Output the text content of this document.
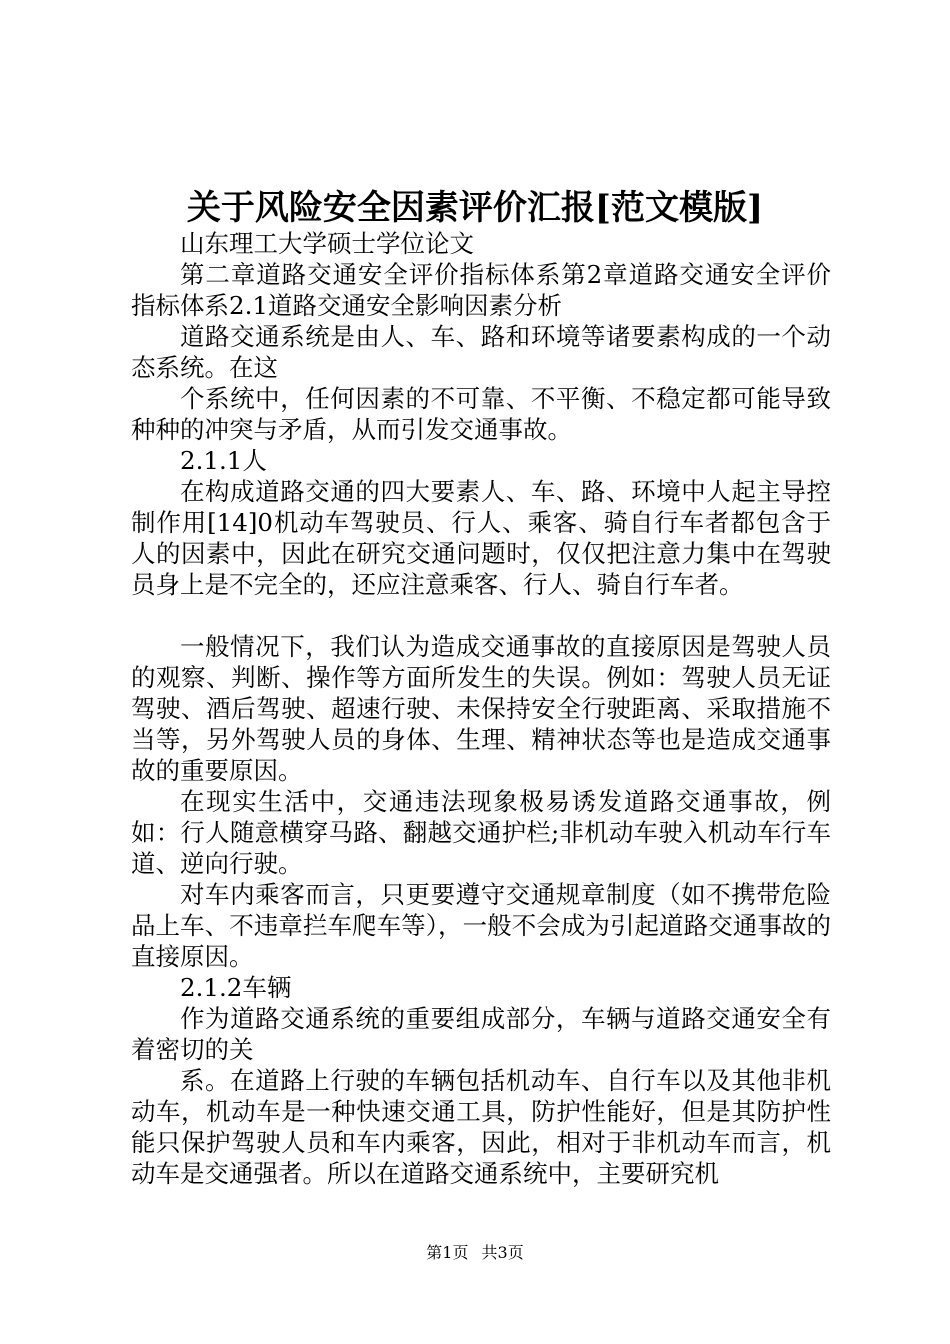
关于风险安全因素评价汇报[范文模版]

山东理工大学硕士学位论文

第二章道路交通安全评价指标体系第2章道路交通安全评价指标体系2.1道路交通安全影响因素分析

道路交通系统是由人、车、路和环境等诸要素构成的一个动态系统。在这

个系统中，任何因素的不可靠、不平衡、不稳定都可能导致种种的冲突与矛盾，从而引发交通事故。

2.1.1人

在构成道路交通的四大要素人、车、路、环境中人起主导控制作用[14]0机动车驾驶员、行人、乘客、骑自行车者都包含于人的因素中，因此在研究交通问题时，仅仅把注意力集中在驾驶员身上是不完全的，还应注意乘客、行人、骑自行车者。

一般情况下，我们认为造成交通事故的直接原因是驾驶人员的观察、判断、操作等方面所发生的失误。例如：驾驶人员无证驾驶、酒后驾驶、超速行驶、未保持安全行驶距离、采取措施不当等，另外驾驶人员的身体、生理、精神状态等也是造成交通事故的重要原因。

在现实生活中，交通违法现象极易诱发道路交通事故，例如：行人随意横穿马路、翻越交通护栏;非机动车驶入机动车行车道、逆向行驶。

对车内乘客而言，只更要遵守交通规章制度（如不携带危险品上车、不违章拦车爬车等），一般不会成为引起道路交通事故的直接原因。

2.1.2车辆

作为道路交通系统的重要组成部分，车辆与道路交通安全有着密切的关

系。在道路上行驶的车辆包括机动车、自行车以及其他非机动车，机动车是一种快速交通工具，防护性能好，但是其防护性能只保护驾驶人员和车内乘客，因此，相对于非机动车而言，机动车是交通强者。所以在道路交通系统中，主要研究机

第1页 共3页
